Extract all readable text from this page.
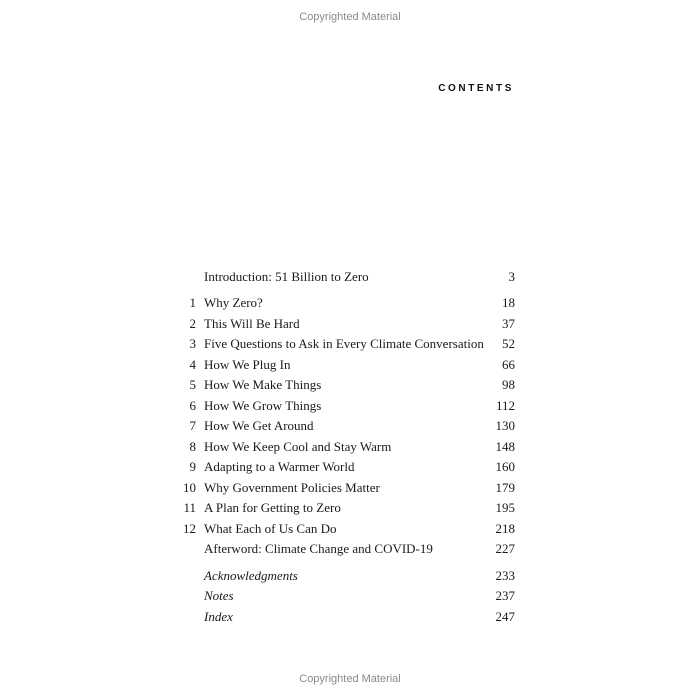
Copyrighted Material
CONTENTS
Introduction: 51 Billion to Zero	3
1 Why Zero?	18
2 This Will Be Hard	37
3 Five Questions to Ask in Every Climate Conversation 52
4 How We Plug In	66
5 How We Make Things	98
6 How We Grow Things	112
7 How We Get Around	130
8 How We Keep Cool and Stay Warm	148
9 Adapting to a Warmer World	160
10 Why Government Policies Matter	179
11 A Plan for Getting to Zero	195
12 What Each of Us Can Do	218
Afterword: Climate Change and COVID-19	227
Acknowledgments	233
Notes	237
Index	247
Copyrighted Material
